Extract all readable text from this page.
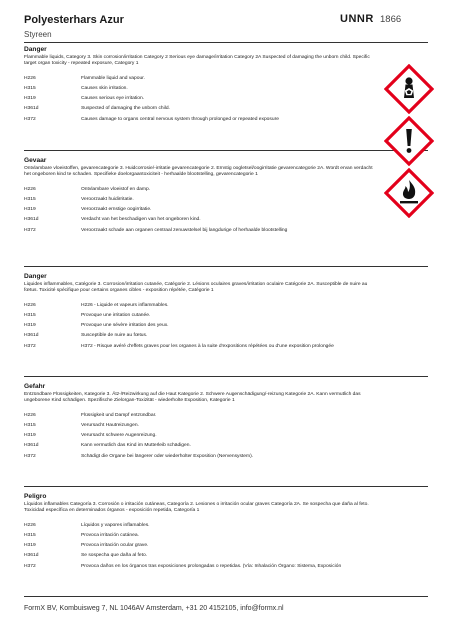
Polyesterhars Azur
Styreen
UNNR 1866
Danger
Flammable liquids, Category 3. Skin corrosion/irritation Category 2 Serious eye damage/irritation Category 2A Suspected of damaging the unborn child. Specific target organ toxicity - repeated exposure, Category 1
H226	Flammable liquid and vapour.
H315	Causes skin irritation.
H319	Causes serious eye irritation.
H361d	Suspected of damaging the unborn child.
H372	Causes damage to organs central nervous system through prolonged or repeated exposure
Gevaar
Ontvlambare vloeistoffen, gevarencategorie 3. Huidcorrosie/-irritatie gevarencategorie 2. Ernstig oogletsel/oogirritatie gevarencategorie 2A. Wordt ervan verdacht het ongeboren kind te schaden. Specifieke doelorgaantoxiciteit - herhaalde blootstelling, gevarencategorie 1
H226	Ontvlambare vloeistof en damp.
H315	Veroorzaakt huidirritatie.
H319	Veroorzaakt ernstige oogirritatie.
H361d	Verdacht van het beschadigen van het ongeboren kind.
H372	Veroorzaakt schade aan organen centraal zenuwstelsel bij langdurige of herhaalde blootstelling
Danger
Liquides inflammables, Catégorie 3. Corrosion/irritation cutanée, Catégorie 2. Lésions oculaires graves/irritation oculaire Catégorie 2A. Susceptible de nuire au fœtus. Toxicité spécifique pour certains organes cibles - exposition répétée, Catégorie 1
H226	H226 - Liquide et vapeurs inflammables.
H315	Provoque une irritation cutanée.
H319	Provoque une sévère irritation des yeux.
H361d	Susceptible de nuire au fœtus.
H372	H372 - Risque avéré d'effets graves pour les organes à la suite d'expositions répétées ou d'une exposition prolongée
Gefahr
Entzündbare Flüssigkeiten, Kategorie 3. Ätz-/Reizwirkung auf die Haut Kategorie 2. Schwere Augenschädigung/-reizung Kategorie 2A. Kann vermutlich das ungeborene Kind schädigen. Spezifische Zielorgan-Toxizität - wiederholte Exposition, Kategorie 1
H226	Flüssigkeit und Dampf entzündbar.
H315	Verursacht Hautreizungen.
H319	Verursacht schwere Augenreizung.
H361d	Kann vermutlich das Kind im Mutterleib schädigen.
H372	Schädigt die Organe bei längerer oder wiederholter Exposition (Nervensystem).
Peligro
Líquidos inflamables Categoría 3. Corrosión o irritación cutáneas, Categoría 2. Lesiones o irritación ocular graves Categoría 2A. Se sospecha que daña al feto. Toxicidad específica en determinados órganos - exposición repetida, Categoría 1
H226	Líquidos y vapores inflamables.
H315	Provoca irritación cutánea.
H319	Provoca irritación ocular grave.
H361d	Se sospecha que daña al feto.
H372	Provoca daños en los órganos tras exposiciones prolongadas o repetidas. (Vía: Inhalación Órgano: Sistema, Exposición
FormX BV, Kombuisweg 7, NL 1046AV Amsterdam, +31 20 4152105, info@formx.nl
